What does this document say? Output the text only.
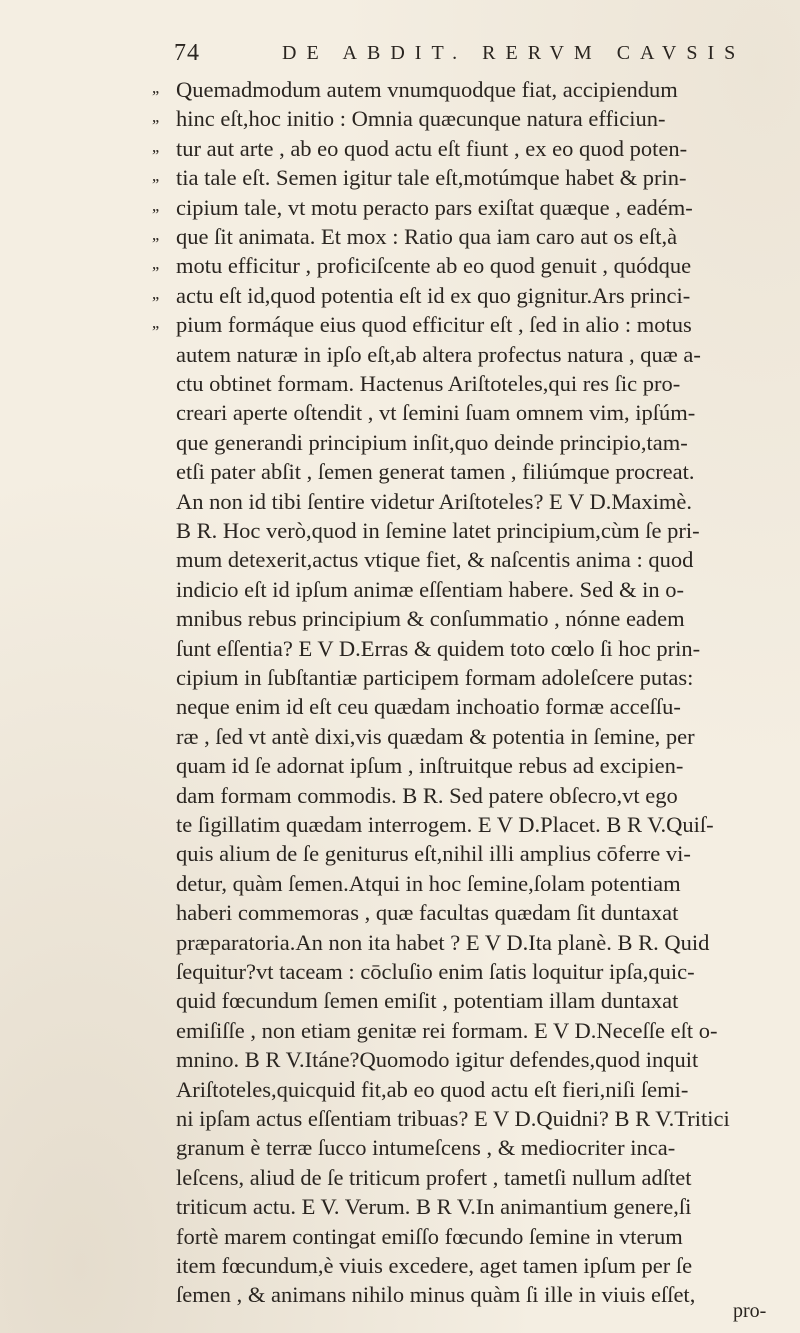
74	DE ABDIT. RERVM CAVSIS
,, Quemadmodum autem vnumquodque fiat, accipiendum
,, hinc eſt,hoc initio : Omnia quæcunque natura efficiun-
,, tur aut arte , ab eo quod actu eſt fiunt , ex eo quod poten-
,, tia tale eſt. Semen igitur tale eſt,motúmque habet & prin-
,, cipium tale, vt motu peracto pars exiſtat quæque , eadém-
,, que ſit animata. Et mox : Ratio qua iam caro aut os eſt,à
,, motu efficitur , proficiſcente ab eo quod genuit , quódque
,, actu eſt id,quod potentia eſt id ex quo gignitur.Ars princi-
,, pium formáque eius quod efficitur eſt , ſed in alio : motus
autem naturæ in ipſo eſt,ab altera profectus natura , quæ a-
ctu obtinet formam. Hactenus Ariſtoteles,qui res ſic pro-
creari aperte oſtendit , vt ſemini ſuam omnem vim, ipſúm-
que generandi principium inſit,quo deinde principio,tam-
etſi pater abſit , ſemen generat tamen , filiúmque procreat.
An non id tibi ſentire videtur Ariſtoteles? E V D.Maximè.
B R. Hoc verò,quod in ſemine latet principium,cùm ſe pri-
mum detexerit,actus vtique fiet, & naſcentis anima : quod
indicio eſt id ipſum animæ eſſentiam habere. Sed & in o-
mnibus rebus principium & conſummatio , nónne eadem
ſunt eſſentia? E V D.Erras & quidem toto cœlo ſi hoc prin-
cipium in ſubſtantiæ participem formam adoleſcere putas:
neque enim id eſt ceu quædam inchoatio formæ acceſſu-
ræ , ſed vt antè dixi,vis quædam & potentia in ſemine, per
quam id ſe adornat ipſum , inſtruitque rebus ad excipien-
dam formam commodis. B R. Sed patere obſecro,vt ego
te ſigillatim quædam interrogem. E V D.Placet. B R V.Quiſ-
quis alium de ſe geniturus eſt,nihil illi amplius cōferre vi-
detur, quàm ſemen.Atqui in hoc ſemine,ſolam potentiam
haberi commemoras , quæ facultas quædam ſit duntaxat
præparatoria.An non ita habet ? E V D.Ita planè. B R. Quid
ſequitur?vt taceam : cōcluſio enim ſatis loquitur ipſa,quic-
quid fœcundum ſemen emiſit , potentiam illam duntaxat
emiſiſſe , non etiam genitæ rei formam. E V D.Neceſſe eſt o-
mnino. B R V.Itáne?Quomodo igitur defendes,quod inquit
Ariſtoteles,quicquid fit,ab eo quod actu eſt fieri,niſi ſemi-
ni ipſam actus eſſentiam tribuas? E V D.Quidni? B R V.Tritici
granum è terræ ſucco intumeſcens , & mediocriter inca-
leſcens, aliud de ſe triticum profert , tametſi nullum adſtet
triticum actu. E V. Verum. B R V.In animantium genere,ſi
fortè marem contingat emiſſo fœcundo ſemine in vterum
item fœcundum,è viuis excedere, aget tamen ipſum per ſe
ſemen , & animans nihilo minus quàm ſi ille in viuis eſſet,
pro-
